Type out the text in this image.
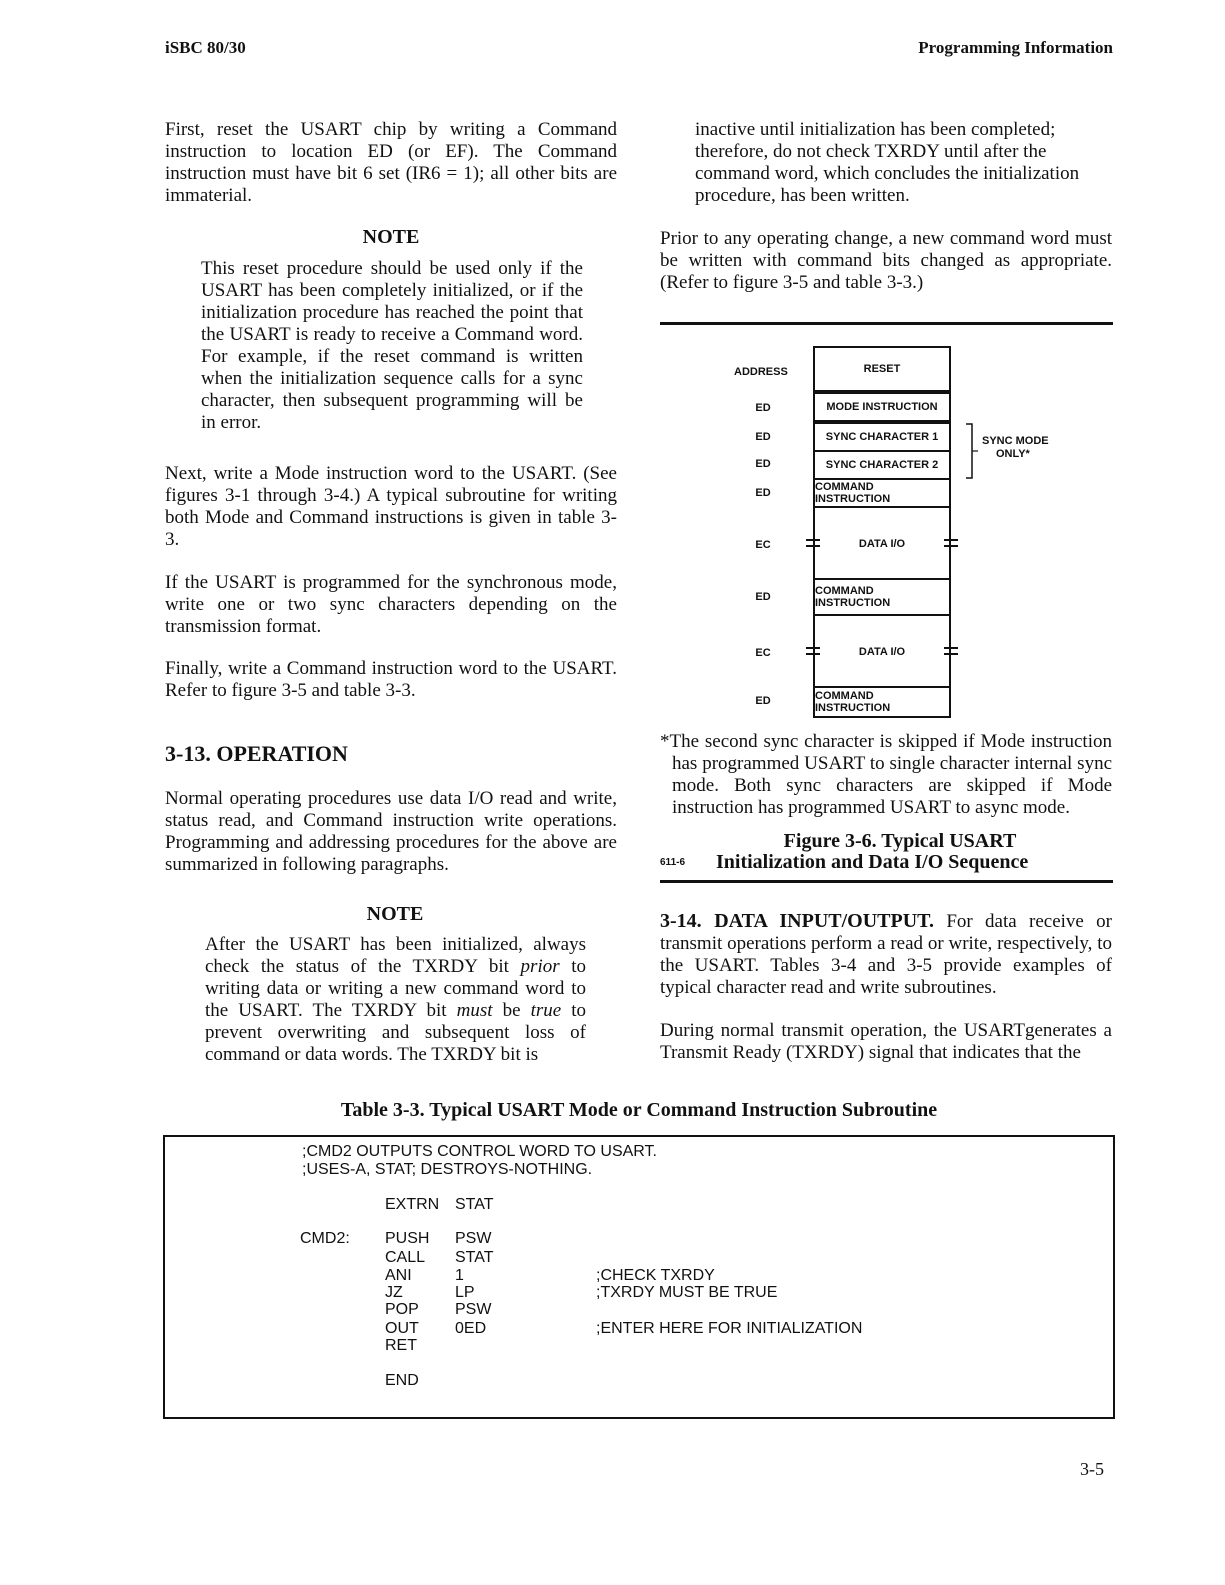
iSBC 80/30	Programming Information

First, reset the USART chip by writing a Command instruction to location ED (or EF). The Command instruction must have bit 6 set (IR6 = 1); all other bits are immaterial.

NOTE

This reset procedure should be used only if the USART has been completely initialized, or if the initialization procedure has reached the point that the USART is ready to receive a Command word. For example, if the reset command is written when the initialization sequence calls for a sync character, then subsequent programming will be in error.

Next, write a Mode instruction word to the USART. (See figures 3-1 through 3-4.) A typical subroutine for writing both Mode and Command instructions is given in table 3-3.

If the USART is programmed for the synchronous mode, write one or two sync characters depending on the transmission format.

Finally, write a Command instruction word to the USART. Refer to figure 3-5 and table 3-3.

3-13. OPERATION

Normal operating procedures use data I/O read and write, status read, and Command instruction write operations. Programming and addressing procedures for the above are summarized in following paragraphs.

NOTE

After the USART has been initialized, always check the status of the TXRDY bit prior to writing data or writing a new command word to the USART. The TXRDY bit must be true to prevent overwriting and subsequent loss of command or data words. The TXRDY bit is

inactive until initialization has been completed; therefore, do not check TXRDY until after the command word, which concludes the initialization procedure, has been written.

Prior to any operating change, a new command word must be written with command bits changed as appropriate. (Refer to figure 3-5 and table 3-3.)

ADDRESS	RESET
ED	MODE INSTRUCTION
ED	SYNC CHARACTER 1
ED	SYNC CHARACTER 2
ED	COMMAND INSTRUCTION
EC	DATA I/O
ED	COMMAND INSTRUCTION
EC	DATA I/O
ED	COMMAND INSTRUCTION
SYNC MODE
ONLY*

*The second sync character is skipped if Mode instruction has programmed USART to single character internal sync mode. Both sync characters are skipped if Mode instruction has programmed USART to async mode.

Figure 3-6. Typical USART
611-6 Initialization and Data I/O Sequence

3-14. DATA INPUT/OUTPUT. For data receive or transmit operations perform a read or write, respectively, to the USART. Tables 3-4 and 3-5 provide examples of typical character read and write subroutines.

During normal transmit operation, the USARTgenerates a Transmit Ready (TXRDY) signal that indicates that the

Table 3-3. Typical USART Mode or Command Instruction Subroutine
;CMD2 OUTPUTS CONTROL WORD TO USART.
;USES-A, STAT; DESTROYS-NOTHING.
EXTRN STAT
CMD2: PUSH PSW
CALL STAT
ANI	1	;CHECK TXRDY
JZ	LP	;TXRDY MUST BE TRUE
POP PSW
OUT 0ED	;ENTER HERE FOR INITIALIZATION
RET
END
3-5
